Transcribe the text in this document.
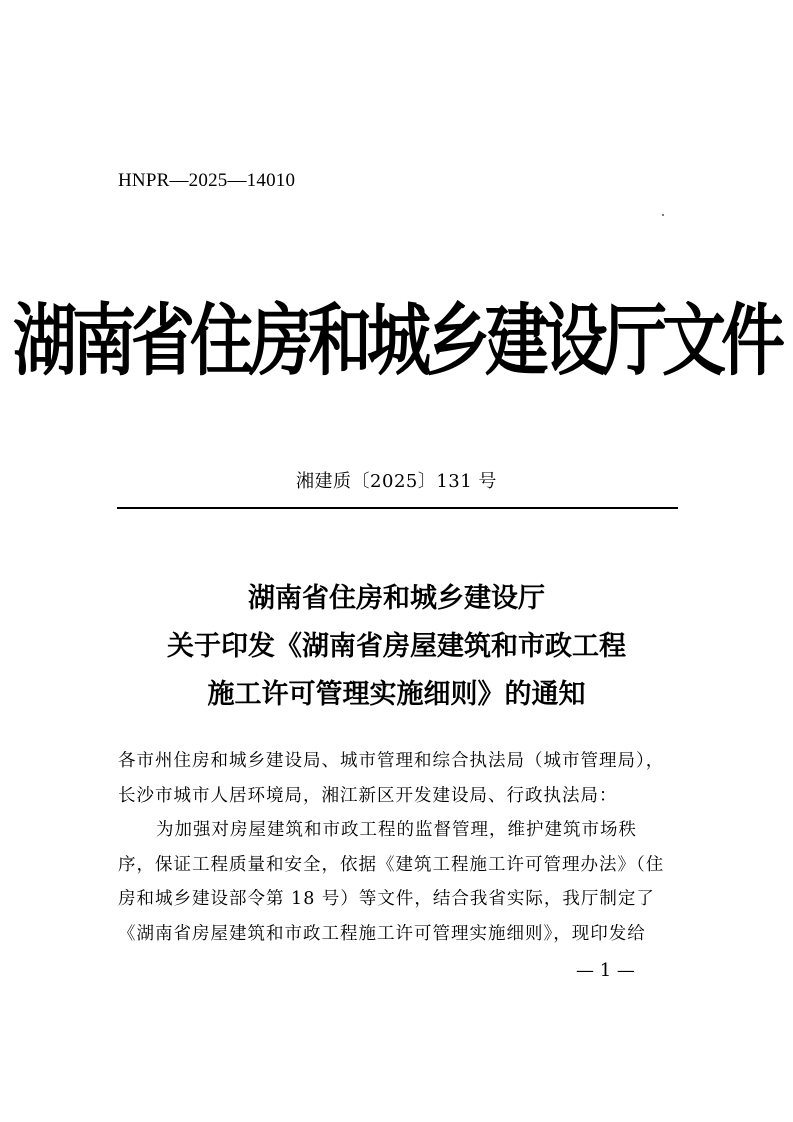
HNPR—2025—14010
湖南省住房和城乡建设厅文件
湘建质〔2025〕131 号
湖南省住房和城乡建设厅
关于印发《湖南省房屋建筑和市政工程
施工许可管理实施细则》的通知
各市州住房和城乡建设局、城市管理和综合执法局（城市管理局），
长沙市城市人居环境局，湘江新区开发建设局、行政执法局：
为加强对房屋建筑和市政工程的监督管理，维护建筑市场秩
序，保证工程质量和安全，依据《建筑工程施工许可管理办法》（住
房和城乡建设部令第 18 号）等文件，结合我省实际，我厅制定了
《湖南省房屋建筑和市政工程施工许可管理实施细则》，现印发给
— 1 —
